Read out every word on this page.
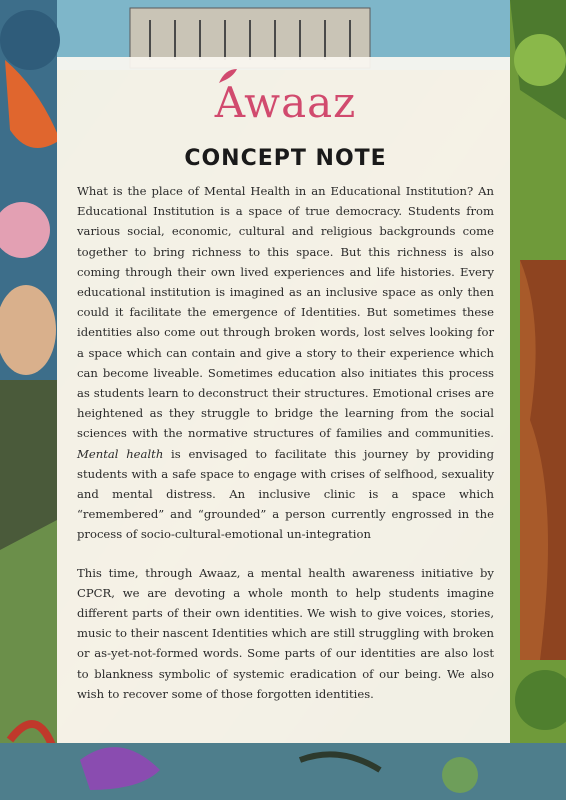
Awaaz
CONCEPT NOTE

What is the place of Mental Health in an Educational Institution? An Educational Institution is a space of true democracy. Students from various social, economic, cultural and religious backgrounds come together to bring richness to this space. But this richness is also coming through their own lived experiences and life histories. Every educational institution is imagined as an inclusive space as only then could it facilitate the emergence of Identities. But sometimes these identities also come out through broken words, lost selves looking for a space which can contain and give a story to their experience which can become liveable. Sometimes education also initiates this process as students learn to deconstruct their structures. Emotional crises are heightened as they struggle to bridge the learning from the social sciences with the normative structures of families and communities. Mental health is envisaged to facilitate this journey by providing students with a safe space to engage with crises of selfhood, sexuality and mental distress. An inclusive clinic is a space which “remembered” and “grounded” a person currently engrossed in the process of socio-cultural-emotional un-integration

This time, through Awaaz, a mental health awareness initiative by CPCR, we are devoting a whole month to help students imagine different parts of their own identities. We wish to give voices, stories, music to their nascent Identities which are still struggling with broken or as-yet-not-formed words. Some parts of our identities are also lost to blankness symbolic of systemic eradication of our being. We also wish to recover some of those forgotten identities.
